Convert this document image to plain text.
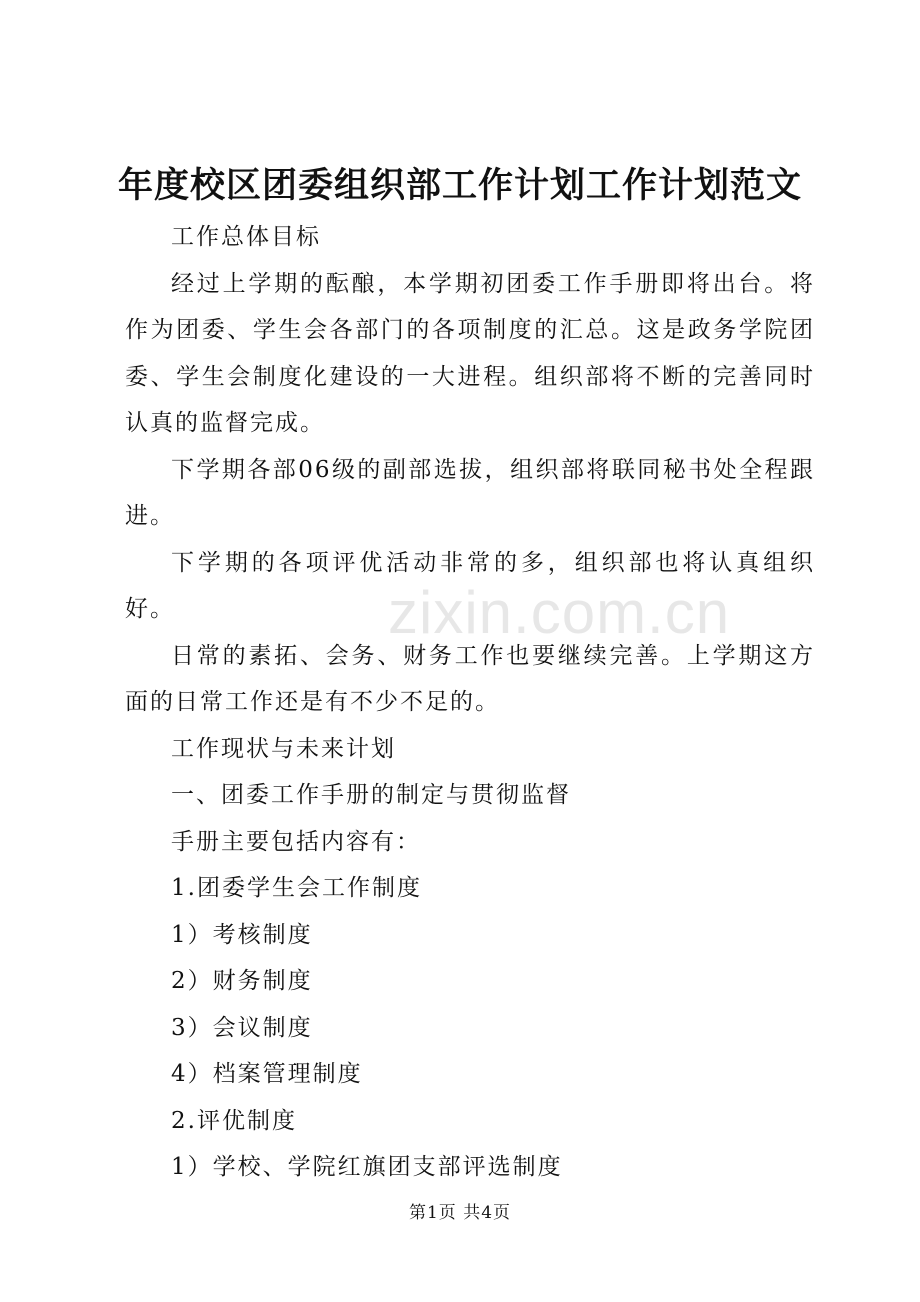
年度校区团委组织部工作计划工作计划范文

工作总体目标

经过上学期的酝酿，本学期初团委工作手册即将出台。将作为团委、学生会各部门的各项制度的汇总。这是政务学院团委、学生会制度化建设的一大进程。组织部将不断的完善同时认真的监督完成。

下学期各部06级的副部选拔，组织部将联同秘书处全程跟进。

下学期的各项评优活动非常的多，组织部也将认真组织好。

日常的素拓、会务、财务工作也要继续完善。上学期这方面的日常工作还是有不少不足的。

工作现状与未来计划

一、团委工作手册的制定与贯彻监督

手册主要包括内容有：

1.团委学生会工作制度

1）考核制度

2）财务制度

3）会议制度

4）档案管理制度

2.评优制度

1）学校、学院红旗团支部评选制度

zixin.com.cn
第1页 共4页
